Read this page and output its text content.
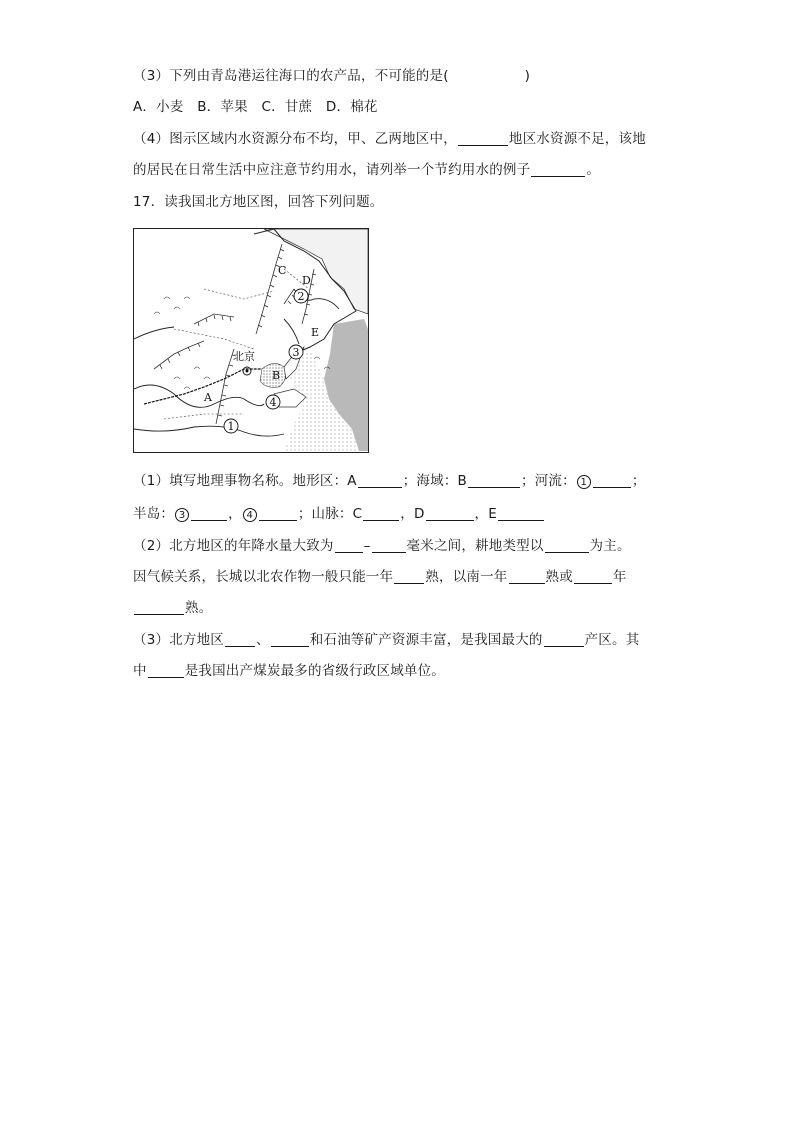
（3）下列由青岛港运往海口的农产品，不可能的是(	)
A．小麦　B．苹果　C．甘蔗　D．棉花
（4）图示区域内水资源分布不均，甲、乙两地区中，	地区水资源不足，该地
的居民在日常生活中应注意节约用水，请列举一个节约用水的例子	。
17．读我国北方地区图，回答下列问题。
北京
A
B
C
D
E
1
2
3
4
（1）填写地理事物名称。地形区：A	；海域：B	；河流： 1	；
半岛： 3	， 4	；山脉：C	，D	，E
（2）北方地区的年降水量大致为 –	毫米之间，耕地类型以	为主。
因气候关系，长城以北农作物一般只能一年 熟，以南一年	熟或	年
熟。
（3）北方地区 、	和石油等矿产资源丰富，是我国最大的	产区。其
中	是我国出产煤炭最多的省级行政区域单位。
